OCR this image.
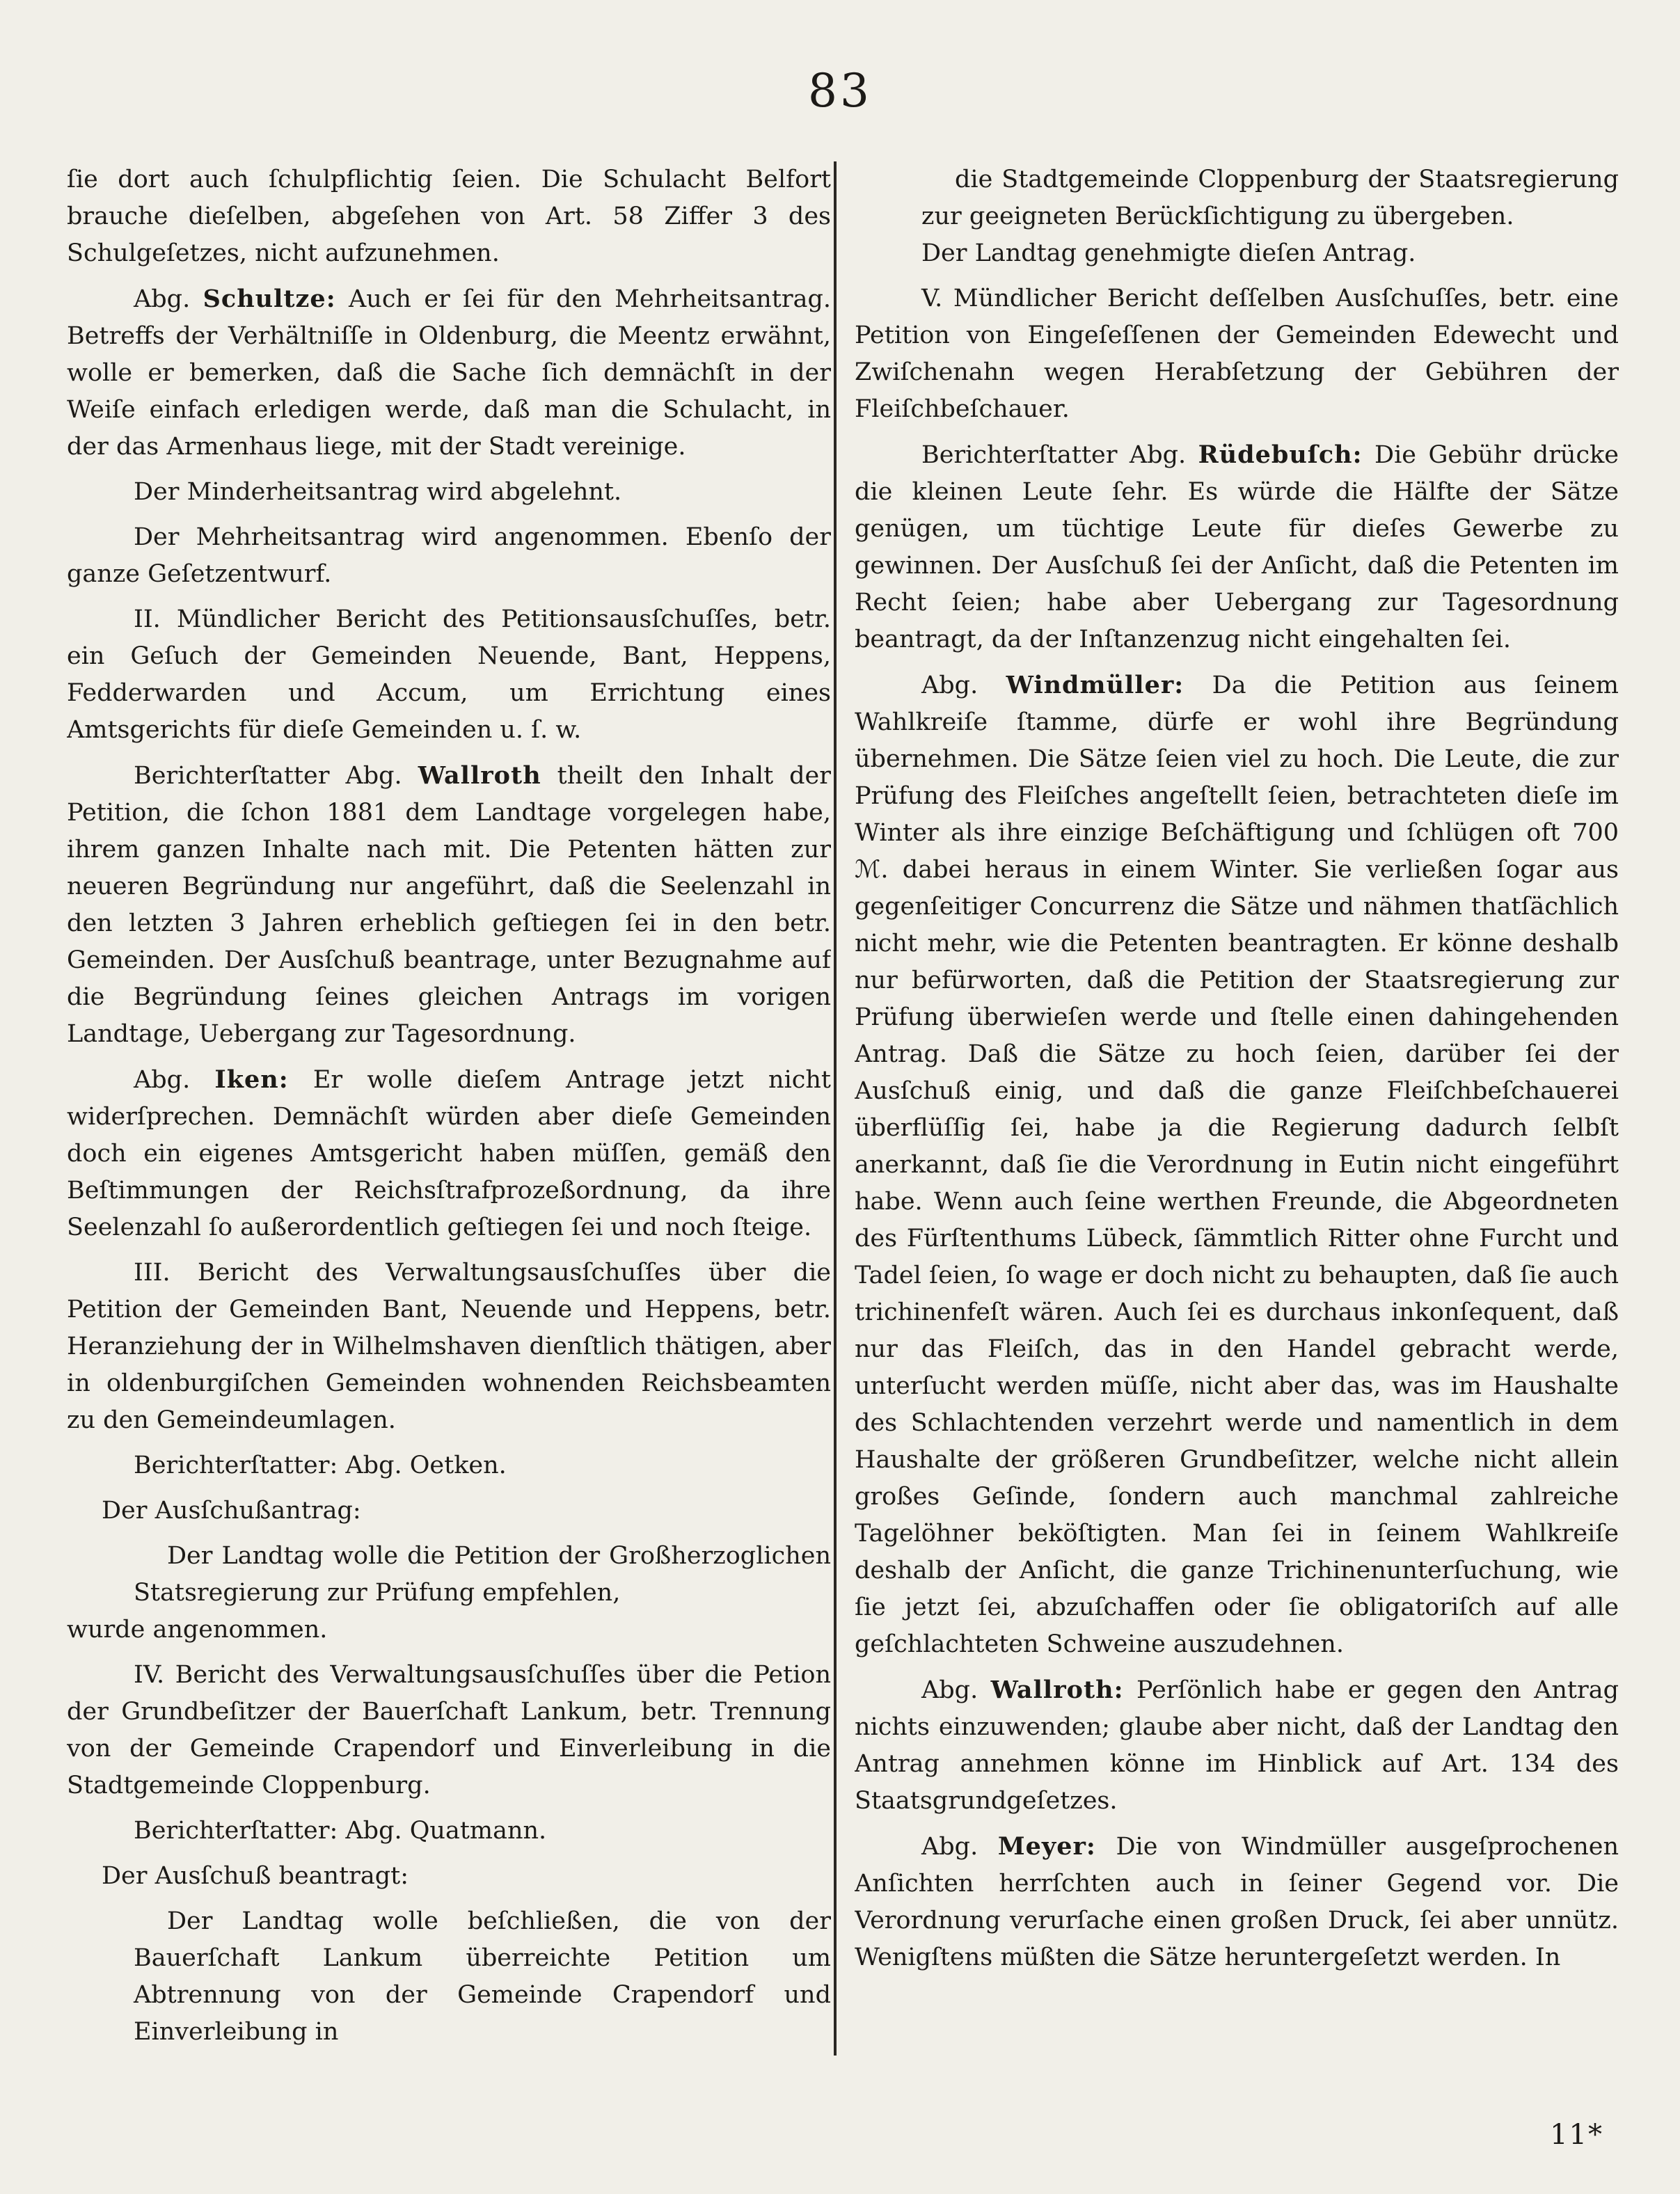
83

ſie dort auch ſchulpflichtig ſeien. Die Schulacht Belfort brauche dieſelben, abgeſehen von Art. 58 Ziffer 3 des Schulgeſetzes, nicht aufzunehmen.

Abg. Schultze: Auch er ſei für den Mehrheitsantrag. Betreffs der Verhältniſſe in Oldenburg, die Meentz erwähnt, wolle er bemerken, daß die Sache ſich demnächſt in der Weiſe einfach erledigen werde, daß man die Schulacht, in der das Armenhaus liege, mit der Stadt vereinige.

Der Minderheitsantrag wird abgelehnt.

Der Mehrheitsantrag wird angenommen. Ebenſo der ganze Geſetzentwurf.

II. Mündlicher Bericht des Petitionsausſchuſſes, betr. ein Geſuch der Gemeinden Neuende, Bant, Heppens, Fedderwarden und Accum, um Errichtung eines Amtsgerichts für dieſe Gemeinden u. ſ. w.

Berichterſtatter Abg. Wallroth theilt den Inhalt der Petition, die ſchon 1881 dem Landtage vorgelegen habe, ihrem ganzen Inhalte nach mit. Die Petenten hätten zur neueren Begründung nur angeführt, daß die Seelenzahl in den letzten 3 Jahren erheblich geſtiegen ſei in den betr. Gemeinden. Der Ausſchuß beantrage, unter Bezugnahme auf die Begründung ſeines gleichen Antrags im vorigen Landtage, Uebergang zur Tagesordnung.

Abg. Iken: Er wolle dieſem Antrage jetzt nicht widerſprechen. Demnächſt würden aber dieſe Gemeinden doch ein eigenes Amtsgericht haben müſſen, gemäß den Beſtimmungen der Reichsſtrafprozeßordnung, da ihre Seelenzahl ſo außerordentlich geſtiegen ſei und noch ſteige.

III. Bericht des Verwaltungsausſchuſſes über die Petition der Gemeinden Bant, Neuende und Heppens, betr. Heranziehung der in Wilhelmshaven dienſtlich thätigen, aber in oldenburgiſchen Gemeinden wohnenden Reichsbeamten zu den Gemeindeumlagen.

Berichterſtatter: Abg. Oetken.

Der Ausſchußantrag:

Der Landtag wolle die Petition der Großherzoglichen Statsregierung zur Prüfung empfehlen,

wurde angenommen.

IV. Bericht des Verwaltungsausſchuſſes über die Petion der Grundbeſitzer der Bauerſchaft Lankum, betr. Trennung von der Gemeinde Crapendorf und Einverleibung in die Stadtgemeinde Cloppenburg.

Berichterſtatter: Abg. Quatmann.

Der Ausſchuß beantragt:

Der Landtag wolle beſchließen, die von der Bauerſchaft Lankum überreichte Petition um Abtrennung von der Gemeinde Crapendorf und Einverleibung in

die Stadtgemeinde Cloppenburg der Staatsregierung zur geeigneten Berückſichtigung zu übergeben.

Der Landtag genehmigte dieſen Antrag.

V. Mündlicher Bericht deſſelben Ausſchuſſes, betr. eine Petition von Eingeſeſſenen der Gemeinden Edewecht und Zwiſchenahn wegen Herabſetzung der Gebühren der Fleiſchbeſchauer.

Berichterſtatter Abg. Rüdebuſch: Die Gebühr drücke die kleinen Leute ſehr. Es würde die Hälfte der Sätze genügen, um tüchtige Leute für dieſes Gewerbe zu gewinnen. Der Ausſchuß ſei der Anſicht, daß die Petenten im Recht ſeien; habe aber Uebergang zur Tagesordnung beantragt, da der Inſtanzenzug nicht eingehalten ſei.

Abg. Windmüller: Da die Petition aus ſeinem Wahlkreiſe ſtamme, dürfe er wohl ihre Begründung übernehmen. Die Sätze ſeien viel zu hoch. Die Leute, die zur Prüfung des Fleiſches angeſtellt ſeien, betrachteten dieſe im Winter als ihre einzige Beſchäftigung und ſchlügen oft 700 ℳ. dabei heraus in einem Winter. Sie verließen ſogar aus gegenſeitiger Concurrenz die Sätze und nähmen thatſächlich nicht mehr, wie die Petenten beantragten. Er könne deshalb nur befürworten, daß die Petition der Staatsregierung zur Prüfung überwieſen werde und ſtelle einen dahingehenden Antrag. Daß die Sätze zu hoch ſeien, darüber ſei der Ausſchuß einig, und daß die ganze Fleiſchbeſchauerei überflüſſig ſei, habe ja die Regierung dadurch ſelbſt anerkannt, daß ſie die Verordnung in Eutin nicht eingeführt habe. Wenn auch ſeine werthen Freunde, die Abgeordneten des Fürſtenthums Lübeck, ſämmtlich Ritter ohne Furcht und Tadel ſeien, ſo wage er doch nicht zu behaupten, daß ſie auch trichinenfeſt wären. Auch ſei es durchaus inkonſequent, daß nur das Fleiſch, das in den Handel gebracht werde, unterſucht werden müſſe, nicht aber das, was im Haushalte des Schlachtenden verzehrt werde und namentlich in dem Haushalte der größeren Grundbeſitzer, welche nicht allein großes Geſinde, ſondern auch manchmal zahlreiche Tagelöhner beköſtigten. Man ſei in ſeinem Wahlkreiſe deshalb der Anſicht, die ganze Trichinenunterſuchung, wie ſie jetzt ſei, abzuſchaffen oder ſie obligatoriſch auf alle geſchlachteten Schweine auszudehnen.

Abg. Wallroth: Perſönlich habe er gegen den Antrag nichts einzuwenden; glaube aber nicht, daß der Landtag den Antrag annehmen könne im Hinblick auf Art. 134 des Staatsgrundgeſetzes.

Abg. Meyer: Die von Windmüller ausgeſprochenen Anſichten herrſchten auch in ſeiner Gegend vor. Die Verordnung verurſache einen großen Druck, ſei aber unnütz. Wenigſtens müßten die Sätze heruntergeſetzt werden. In

11*
